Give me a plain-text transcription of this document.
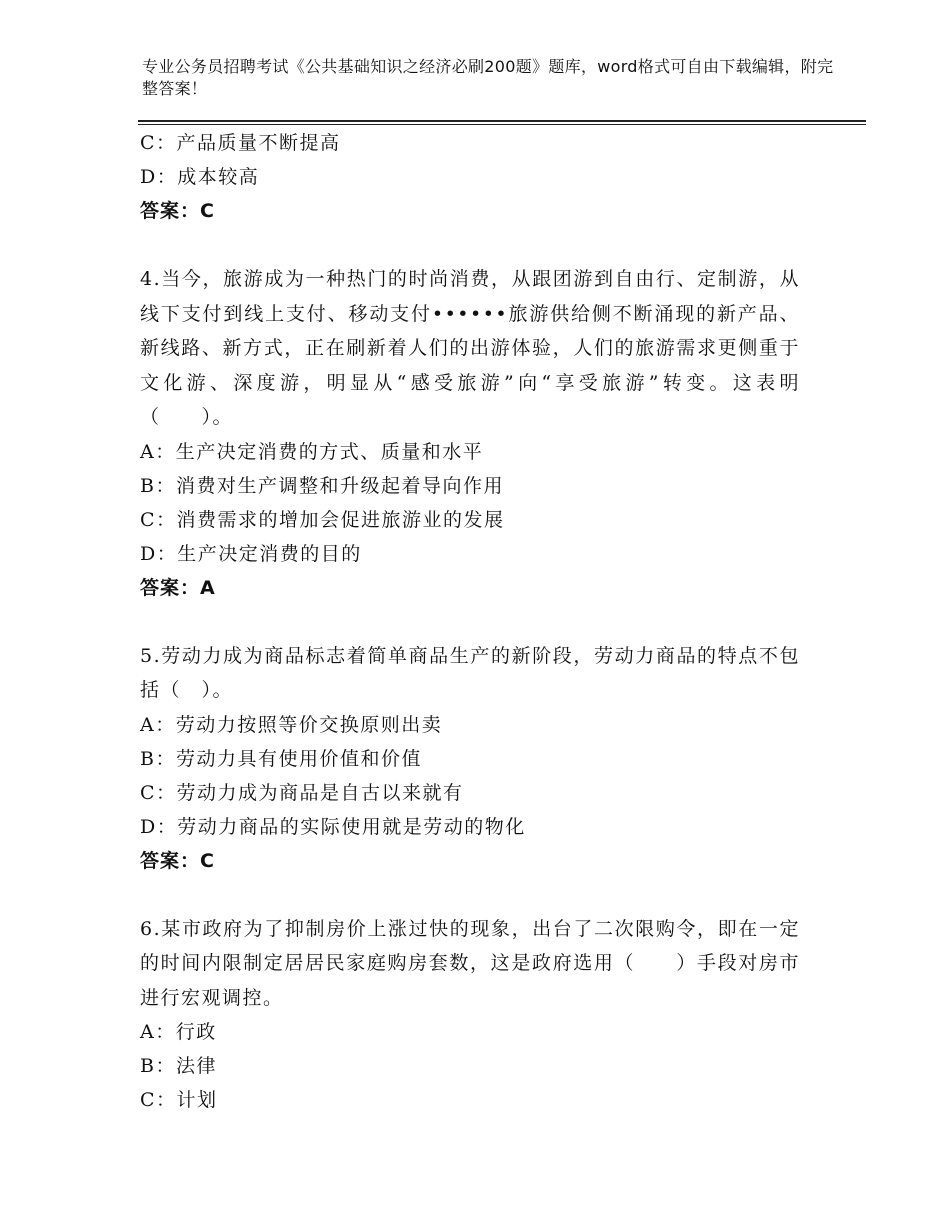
专业公务员招聘考试《公共基础知识之经济必刷200题》题库，word格式可自由下载编辑，附完整答案！
C：产品质量不断提高
D：成本较高
答案：C
4.当今，旅游成为一种热门的时尚消费，从跟团游到自由行、定制游，从线下支付到线上支付、移动支付••••••旅游供给侧不断涌现的新产品、新线路、新方式，正在刷新着人们的出游体验，人们的旅游需求更侧重于文化游、深度游，明显从“感受旅游”向“享受旅游”转变。这表明（　　）。
A：生产决定消费的方式、质量和水平
B：消费对生产调整和升级起着导向作用
C：消费需求的增加会促进旅游业的发展
D：生产决定消费的目的
答案：A
5.劳动力成为商品标志着简单商品生产的新阶段，劳动力商品的特点不包括（　）。
A：劳动力按照等价交换原则出卖
B：劳动力具有使用价值和价值
C：劳动力成为商品是自古以来就有
D：劳动力商品的实际使用就是劳动的物化
答案：C
6.某市政府为了抑制房价上涨过快的现象，出台了二次限购令，即在一定的时间内限制定居居民家庭购房套数，这是政府选用（　　）手段对房市进行宏观调控。
A：行政
B：法律
C：计划
